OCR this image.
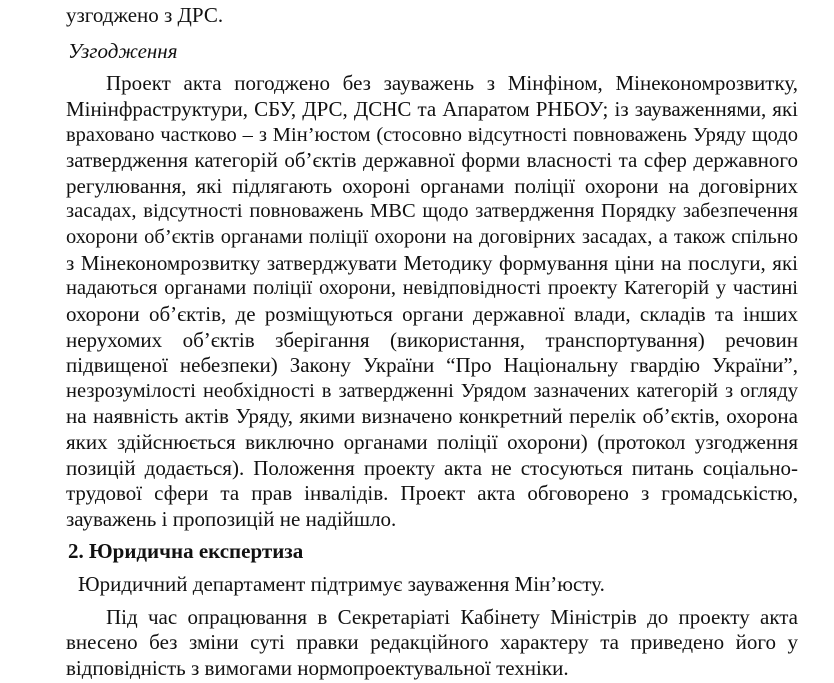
узгоджено з ДРС.
Узгодження
Проект акта погоджено без зауважень з Мінфіном, Мінекономрозвитку,
Мінінфраструктури, СБУ, ДРС, ДСНС та Апаратом РНБОУ; із зауваженнями, які
враховано частково – з Мін’юстом (стосовно відсутності повноважень Уряду щодо
затвердження категорій об’єктів державної форми власності та сфер державного
регулювання, які підлягають охороні органами поліції охорони на договірних
засадах, відсутності повноважень МВС щодо затвердження Порядку забезпечення
охорони об’єктів органами поліції охорони на договірних засадах, а також спільно
з Мінекономрозвитку затверджувати Методику формування ціни на послуги, які
надаються органами поліції охорони, невідповідності проекту Категорій у частині
охорони об’єктів, де розміщуються органи державної влади, складів та інших
нерухомих об’єктів зберігання (використання, транспортування) речовин
підвищеної небезпеки) Закону України “Про Національну гвардію України”,
незрозумілості необхідності в затвердженні Урядом зазначених категорій з огляду
на наявність актів Уряду, якими визначено конкретний перелік об’єктів, охорона
яких здійснюється виключно органами поліції охорони) (протокол узгодження
позицій додається). Положення проекту акта не стосуються питань соціально-
трудової сфери та прав інвалідів. Проект акта обговорено з громадськістю,
зауважень і пропозицій не надійшло.
2. Юридична експертиза
Юридичний департамент підтримує зауваження Мін’юсту.
Під час опрацювання в Секретаріаті Кабінету Міністрів до проекту акта
внесено без зміни суті правки редакційного характеру та приведено його у
відповідність з вимогами нормопроектувальної техніки.
